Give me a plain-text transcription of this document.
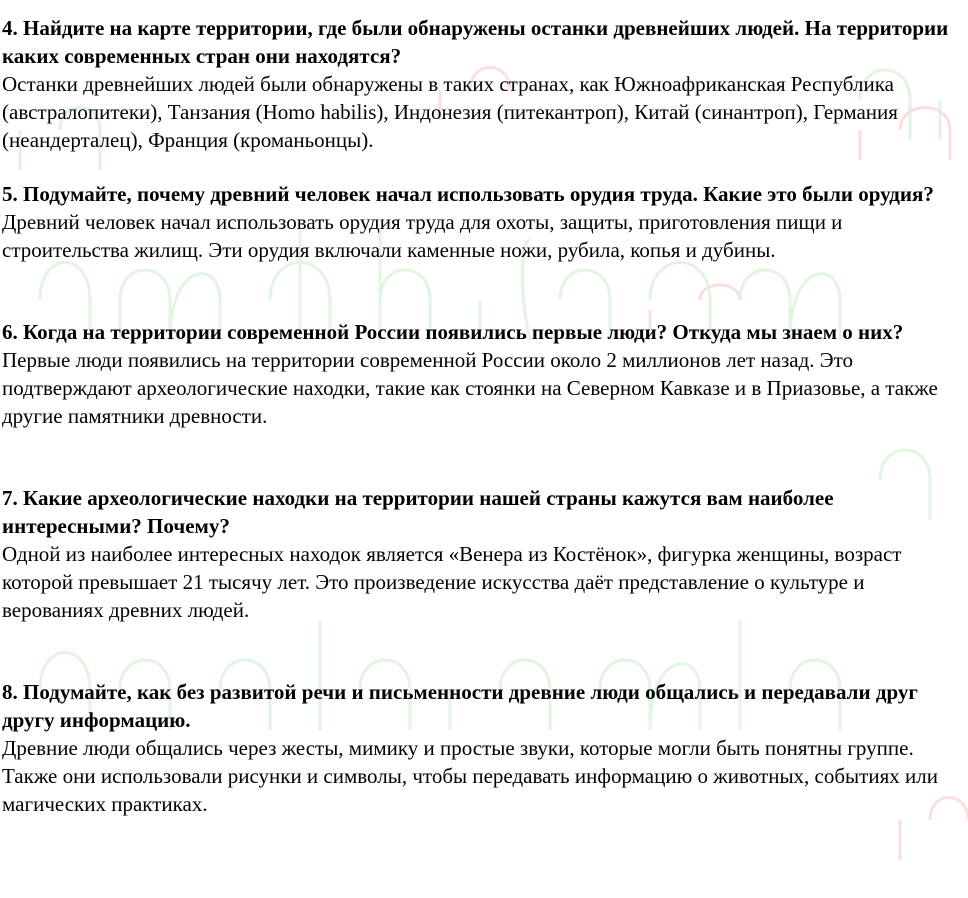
4. Найдите на карте территории, где были обнаружены останки древнейших людей. На территории каких современных стран они находятся?

Останки древнейших людей были обнаружены в таких странах, как Южноафриканская Республика (австралопитеки), Танзания (Homo habilis), Индонезия (питекантроп), Китай (синантроп), Германия (неандерталец), Франция (кроманьонцы).

5. Подумайте, почему древний человек начал использовать орудия труда. Какие это были орудия?

Древний человек начал использовать орудия труда для охоты, защиты, приготовления пищи и строительства жилищ. Эти орудия включали каменные ножи, рубила, копья и дубины.

6. Когда на территории современной России появились первые люди? Откуда мы знаем о них?

Первые люди появились на территории современной России около 2 миллионов лет назад. Это подтверждают археологические находки, такие как стоянки на Северном Кавказе и в Приазовье, а также другие памятники древности.

7. Какие археологические находки на территории нашей страны кажутся вам наиболее интересными? Почему?

Одной из наиболее интересных находок является «Венера из Костёнок», фигурка женщины, возраст которой превышает 21 тысячу лет. Это произведение искусства даёт представление о культуре и верованиях древних людей.

8. Подумайте, как без развитой речи и письменности древние люди общались и передавали друг другу информацию.

Древние люди общались через жесты, мимику и простые звуки, которые могли быть понятны группе. Также они использовали рисунки и символы, чтобы передавать информацию о животных, событиях или магических практиках.
